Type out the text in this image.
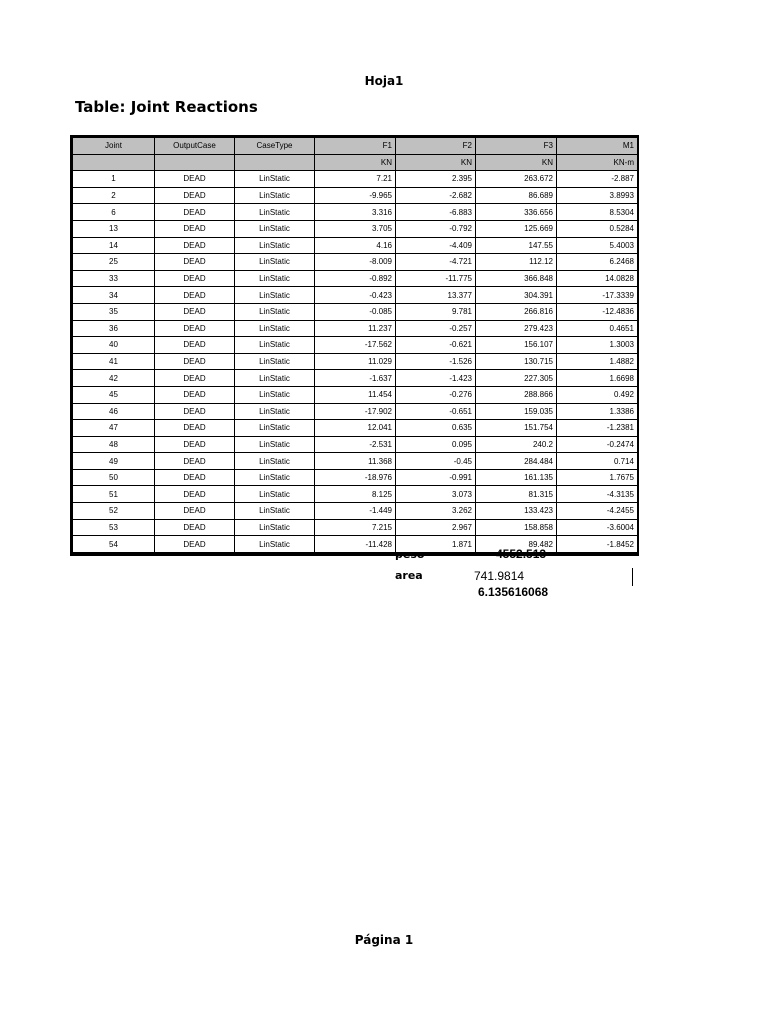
Hoja1
Table: Joint Reactions
Joint	OutputCase	CaseType	F1	F2	F3	M1
			KN	KN	KN	KN-m
1	DEAD	LinStatic	7.21	2.395	263.672	-2.887
2	DEAD	LinStatic	-9.965	-2.682	86.689	3.8993
6	DEAD	LinStatic	3.316	-6.883	336.656	8.5304
13	DEAD	LinStatic	3.705	-0.792	125.669	0.5284
14	DEAD	LinStatic	4.16	-4.409	147.55	5.4003
25	DEAD	LinStatic	-8.009	-4.721	112.12	6.2468
33	DEAD	LinStatic	-0.892	-11.775	366.848	14.0828
34	DEAD	LinStatic	-0.423	13.377	304.391	-17.3339
35	DEAD	LinStatic	-0.085	9.781	266.816	-12.4836
36	DEAD	LinStatic	11.237	-0.257	279.423	0.4651
40	DEAD	LinStatic	-17.562	-0.621	156.107	1.3003
41	DEAD	LinStatic	11.029	-1.526	130.715	1.4882
42	DEAD	LinStatic	-1.637	-1.423	227.305	1.6698
45	DEAD	LinStatic	11.454	-0.276	288.866	0.492
46	DEAD	LinStatic	-17.902	-0.651	159.035	1.3386
47	DEAD	LinStatic	12.041	0.635	151.754	-1.2381
48	DEAD	LinStatic	-2.531	0.095	240.2	-0.2474
49	DEAD	LinStatic	11.368	-0.45	284.484	0.714
50	DEAD	LinStatic	-18.976	-0.991	161.135	1.7675
51	DEAD	LinStatic	8.125	3.073	81.315	-4.3135
52	DEAD	LinStatic	-1.449	3.262	133.423	-4.2455
53	DEAD	LinStatic	7.215	2.967	158.858	-3.6004
54	DEAD	LinStatic	-11.428	1.871	89.482	-1.8452
peso	4552.513
area	741.9814
6.135616068
Página 1
